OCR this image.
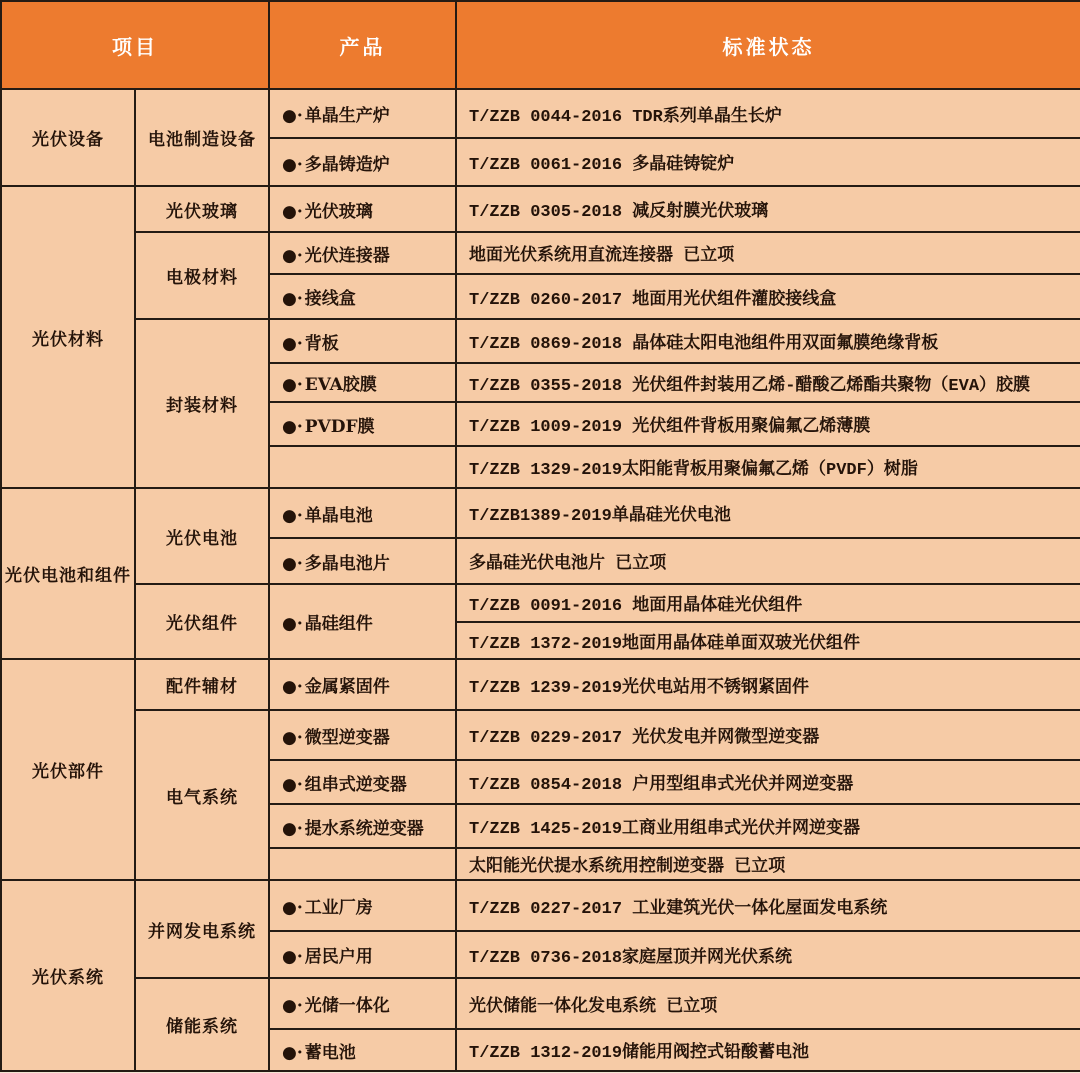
项目		产品	标准状态
光伏设备	电池制造设备	●· 单晶生产炉	T/ZZB 0044-2016 TDR系列单晶生长炉
		●· 多晶铸造炉	T/ZZB 0061-2016 多晶硅铸锭炉
光伏材料	光伏玻璃	●· 光伏玻璃	T/ZZB 0305-2018 减反射膜光伏玻璃
	电极材料	●· 光伏连接器	地面光伏系统用直流连接器 已立项
		●· 接线盒	T/ZZB 0260-2017 地面用光伏组件灌胶接线盒
	封装材料	●· 背板	T/ZZB 0869-2018 晶体硅太阳电池组件用双面氟膜绝缘背板
		●· EVA胶膜	T/ZZB 0355-2018 光伏组件封装用乙烯-醋酸乙烯酯共聚物（EVA）胶膜
		●· PVDF膜	T/ZZB 1009-2019 光伏组件背板用聚偏氟乙烯薄膜
			T/ZZB 1329-2019太阳能背板用聚偏氟乙烯（PVDF）树脂
光伏电池和组件	光伏电池	●· 单晶电池	T/ZZB1389-2019单晶硅光伏电池
		●· 多晶电池片	多晶硅光伏电池片 已立项
	光伏组件	●· 晶硅组件	T/ZZB 0091-2016 地面用晶体硅光伏组件
			T/ZZB 1372-2019地面用晶体硅单面双玻光伏组件
光伏部件	配件辅材	●· 金属紧固件	T/ZZB 1239-2019光伏电站用不锈钢紧固件
	电气系统	●· 微型逆变器	T/ZZB 0229-2017 光伏发电并网微型逆变器
		●· 组串式逆变器	T/ZZB 0854-2018 户用型组串式光伏并网逆变器
		●· 提水系统逆变器	T/ZZB 1425-2019工商业用组串式光伏并网逆变器
			太阳能光伏提水系统用控制逆变器 已立项
光伏系统	并网发电系统	●· 工业厂房	T/ZZB 0227-2017 工业建筑光伏一体化屋面发电系统
		●· 居民户用	T/ZZB 0736-2018家庭屋顶并网光伏系统
	储能系统	●· 光储一体化	光伏储能一体化发电系统 已立项
		●· 蓄电池	T/ZZB 1312-2019储能用阀控式铅酸蓄电池
